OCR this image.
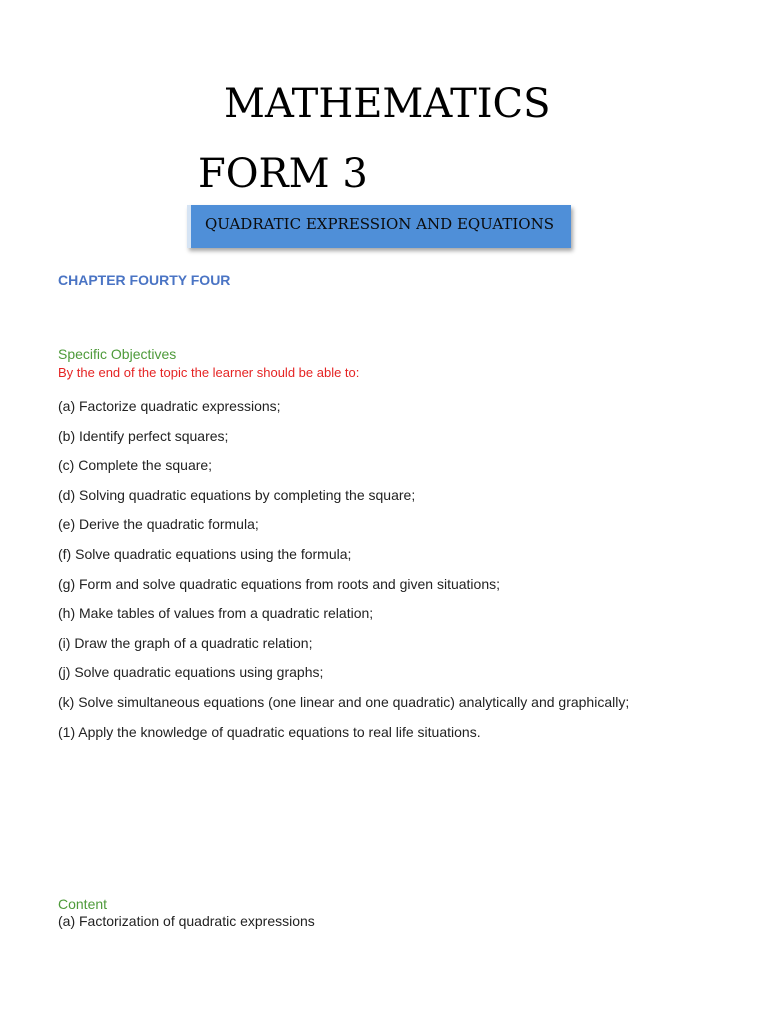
MATHEMATICS
FORM 3
QUADRATIC EXPRESSION AND EQUATIONS
CHAPTER FOURTY FOUR
Specific Objectives
By the end of the topic the learner should be able to:
(a) Factorize quadratic expressions;
(b) Identify perfect squares;
(c) Complete the square;
(d) Solving quadratic equations by completing the square;
(e) Derive the quadratic formula;
(f) Solve quadratic equations using the formula;
(g) Form and solve quadratic equations from roots and given situations;
(h) Make tables of values from a quadratic relation;
(i) Draw the graph of a quadratic relation;
(j) Solve quadratic equations using graphs;
(k) Solve simultaneous equations (one linear and one quadratic) analytically and graphically;
(1) Apply the knowledge of quadratic equations to real life situations.
Content
(a) Factorization of quadratic expressions
